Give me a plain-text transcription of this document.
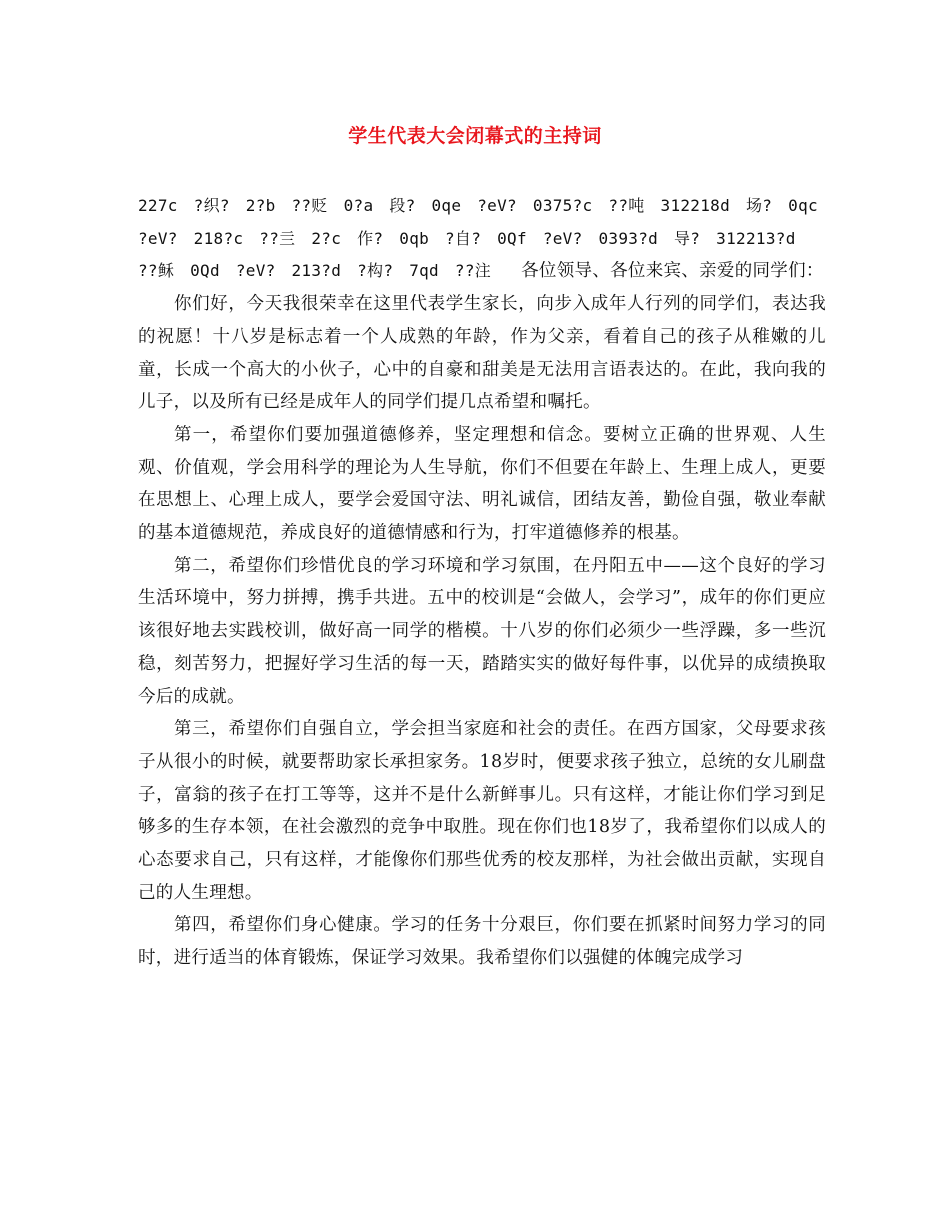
学生代表大会闭幕式的主持词

227c ?织? 2?b ??贬 0?a 段? 0qe ?eV? 0375?c ??吨 312218d 场? 0qc ?eV? 218?c ??亖 2?c 作? 0qb ?自? 0Qf ?eV? 0393?d 导? 312213?d ??稣 0Qd ?eV? 213?d ?构? 7qd ??注 各位领导、各位来宾、亲爱的同学们：

你们好，今天我很荣幸在这里代表学生家长，向步入成年人行列的同学们，表达我的祝愿！十八岁是标志着一个人成熟的年龄，作为父亲，看着自己的孩子从稚嫩的儿童，长成一个高大的小伙子，心中的自豪和甜美是无法用言语表达的。在此，我向我的儿子，以及所有已经是成年人的同学们提几点希望和嘱托。

第一，希望你们要加强道德修养，坚定理想和信念。要树立正确的世界观、人生观、价值观，学会用科学的理论为人生导航，你们不但要在年龄上、生理上成人，更要在思想上、心理上成人，要学会爱国守法、明礼诚信，团结友善，勤俭自强，敬业奉献的基本道德规范，养成良好的道德情感和行为，打牢道德修养的根基。

第二，希望你们珍惜优良的学习环境和学习氛围，在丹阳五中——这个良好的学习生活环境中，努力拼搏，携手共进。五中的校训是“会做人，会学习”，成年的你们更应该很好地去实践校训，做好高一同学的楷模。十八岁的你们必须少一些浮躁，多一些沉稳，刻苦努力，把握好学习生活的每一天，踏踏实实的做好每件事，以优异的成绩换取今后的成就。

第三，希望你们自强自立，学会担当家庭和社会的责任。在西方国家，父母要求孩子从很小的时候，就要帮助家长承担家务。18岁时，便要求孩子独立，总统的女儿刷盘子，富翁的孩子在打工等等，这并不是什么新鲜事儿。只有这样，才能让你们学习到足够多的生存本领，在社会激烈的竞争中取胜。现在你们也18岁了，我希望你们以成人的心态要求自己，只有这样，才能像你们那些优秀的校友那样，为社会做出贡献，实现自己的人生理想。

第四，希望你们身心健康。学习的任务十分艰巨，你们要在抓紧时间努力学习的同时，进行适当的体育锻炼，保证学习效果。我希望你们以强健的体魄完成学习
